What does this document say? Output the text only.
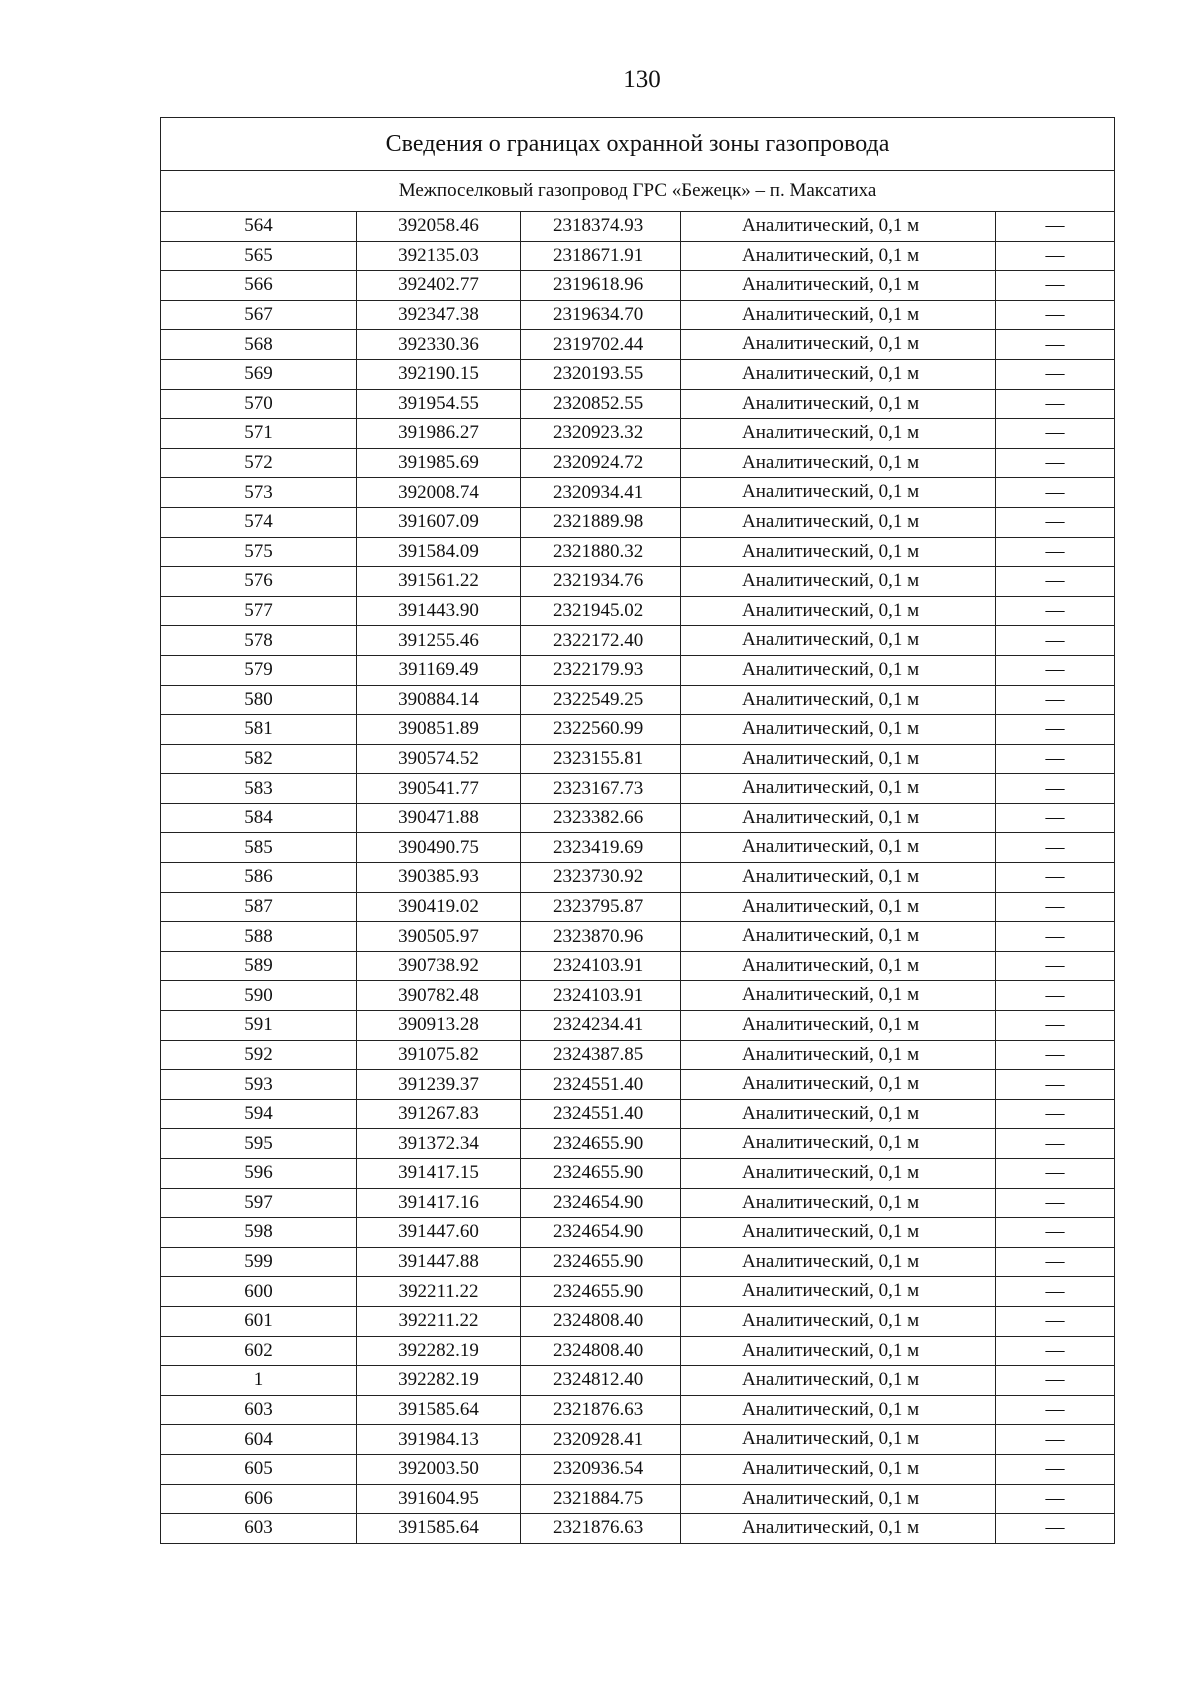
130
Сведения о границах охранной зоны газопровода				
Межпоселковый газопровод ГРС «Бежецк» – п. Максатиха				
564	392058.46	2318374.93	Аналитический, 0,1 м	—
565	392135.03	2318671.91	Аналитический, 0,1 м	—
566	392402.77	2319618.96	Аналитический, 0,1 м	—
567	392347.38	2319634.70	Аналитический, 0,1 м	—
568	392330.36	2319702.44	Аналитический, 0,1 м	—
569	392190.15	2320193.55	Аналитический, 0,1 м	—
570	391954.55	2320852.55	Аналитический, 0,1 м	—
571	391986.27	2320923.32	Аналитический, 0,1 м	—
572	391985.69	2320924.72	Аналитический, 0,1 м	—
573	392008.74	2320934.41	Аналитический, 0,1 м	—
574	391607.09	2321889.98	Аналитический, 0,1 м	—
575	391584.09	2321880.32	Аналитический, 0,1 м	—
576	391561.22	2321934.76	Аналитический, 0,1 м	—
577	391443.90	2321945.02	Аналитический, 0,1 м	—
578	391255.46	2322172.40	Аналитический, 0,1 м	—
579	391169.49	2322179.93	Аналитический, 0,1 м	—
580	390884.14	2322549.25	Аналитический, 0,1 м	—
581	390851.89	2322560.99	Аналитический, 0,1 м	—
582	390574.52	2323155.81	Аналитический, 0,1 м	—
583	390541.77	2323167.73	Аналитический, 0,1 м	—
584	390471.88	2323382.66	Аналитический, 0,1 м	—
585	390490.75	2323419.69	Аналитический, 0,1 м	—
586	390385.93	2323730.92	Аналитический, 0,1 м	—
587	390419.02	2323795.87	Аналитический, 0,1 м	—
588	390505.97	2323870.96	Аналитический, 0,1 м	—
589	390738.92	2324103.91	Аналитический, 0,1 м	—
590	390782.48	2324103.91	Аналитический, 0,1 м	—
591	390913.28	2324234.41	Аналитический, 0,1 м	—
592	391075.82	2324387.85	Аналитический, 0,1 м	—
593	391239.37	2324551.40	Аналитический, 0,1 м	—
594	391267.83	2324551.40	Аналитический, 0,1 м	—
595	391372.34	2324655.90	Аналитический, 0,1 м	—
596	391417.15	2324655.90	Аналитический, 0,1 м	—
597	391417.16	2324654.90	Аналитический, 0,1 м	—
598	391447.60	2324654.90	Аналитический, 0,1 м	—
599	391447.88	2324655.90	Аналитический, 0,1 м	—
600	392211.22	2324655.90	Аналитический, 0,1 м	—
601	392211.22	2324808.40	Аналитический, 0,1 м	—
602	392282.19	2324808.40	Аналитический, 0,1 м	—
1	392282.19	2324812.40	Аналитический, 0,1 м	—
603	391585.64	2321876.63	Аналитический, 0,1 м	—
604	391984.13	2320928.41	Аналитический, 0,1 м	—
605	392003.50	2320936.54	Аналитический, 0,1 м	—
606	391604.95	2321884.75	Аналитический, 0,1 м	—
603	391585.64	2321876.63	Аналитический, 0,1 м	—
